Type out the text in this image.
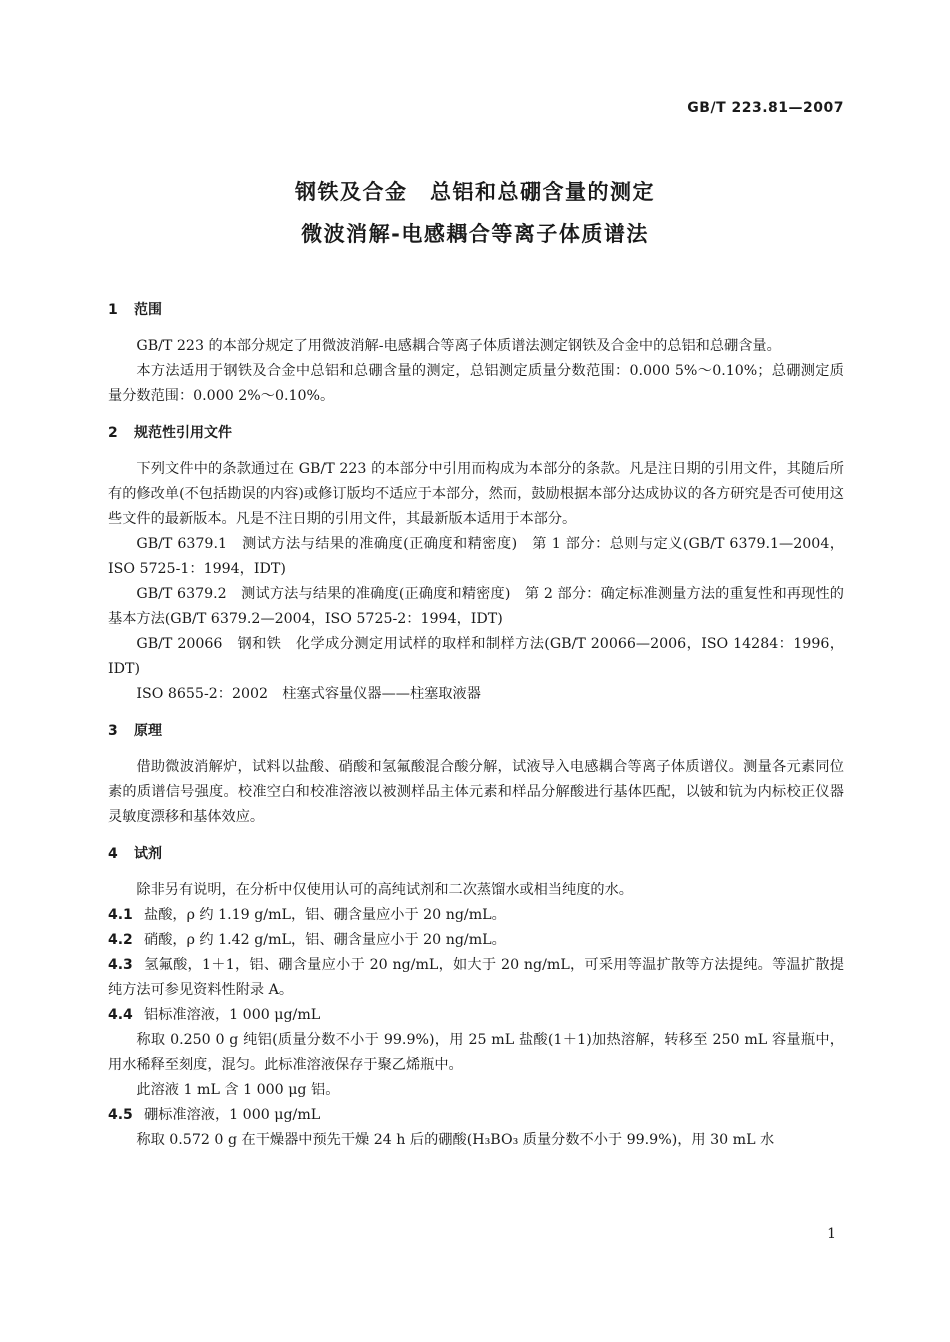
GB/T 223.81—2007
钢铁及合金　总铝和总硼含量的测定
微波消解-电感耦合等离子体质谱法
1 范围

GB/T 223 的本部分规定了用微波消解-电感耦合等离子体质谱法测定钢铁及合金中的总铝和总硼含量。

本方法适用于钢铁及合金中总铝和总硼含量的测定，总铝测定质量分数范围：0.000 5%～0.10%；总硼测定质量分数范围：0.000 2%～0.10%。

2 规范性引用文件

下列文件中的条款通过在 GB/T 223 的本部分中引用而构成为本部分的条款。凡是注日期的引用文件，其随后所有的修改单(不包括勘误的内容)或修订版均不适应于本部分，然而，鼓励根据本部分达成协议的各方研究是否可使用这些文件的最新版本。凡是不注日期的引用文件，其最新版本适用于本部分。

GB/T 6379.1　测试方法与结果的准确度(正确度和精密度)　第 1 部分：总则与定义(GB/T 6379.1—2004，ISO 5725-1：1994，IDT)

GB/T 6379.2　测试方法与结果的准确度(正确度和精密度)　第 2 部分：确定标准测量方法的重复性和再现性的基本方法(GB/T 6379.2—2004，ISO 5725-2：1994，IDT)

GB/T 20066　钢和铁　化学成分测定用试样的取样和制样方法(GB/T 20066—2006，ISO 14284：1996，IDT)

ISO 8655-2：2002　柱塞式容量仪器——柱塞取液器

3 原理

借助微波消解炉，试料以盐酸、硝酸和氢氟酸混合酸分解，试液导入电感耦合等离子体质谱仪。测量各元素同位素的质谱信号强度。校准空白和校准溶液以被测样品主体元素和样品分解酸进行基体匹配，以铍和钪为内标校正仪器灵敏度漂移和基体效应。

4 试剂

除非另有说明，在分析中仅使用认可的高纯试剂和二次蒸馏水或相当纯度的水。

4.1 盐酸，ρ 约 1.19 g/mL，铝、硼含量应小于 20 ng/mL。

4.2 硝酸，ρ 约 1.42 g/mL，铝、硼含量应小于 20 ng/mL。

4.3 氢氟酸，1＋1，铝、硼含量应小于 20 ng/mL，如大于 20 ng/mL，可采用等温扩散等方法提纯。等温扩散提纯方法可参见资料性附录 A。

4.4 铝标准溶液，1 000 μg/mL

称取 0.250 0 g 纯铝(质量分数不小于 99.9%)，用 25 mL 盐酸(1＋1)加热溶解，转移至 250 mL 容量瓶中，用水稀释至刻度，混匀。此标准溶液保存于聚乙烯瓶中。

此溶液 1 mL 含 1 000 μg 铝。

4.5 硼标准溶液，1 000 μg/mL

称取 0.572 0 g 在干燥器中预先干燥 24 h 后的硼酸(H₃BO₃ 质量分数不小于 99.9%)，用 30 mL 水

1
